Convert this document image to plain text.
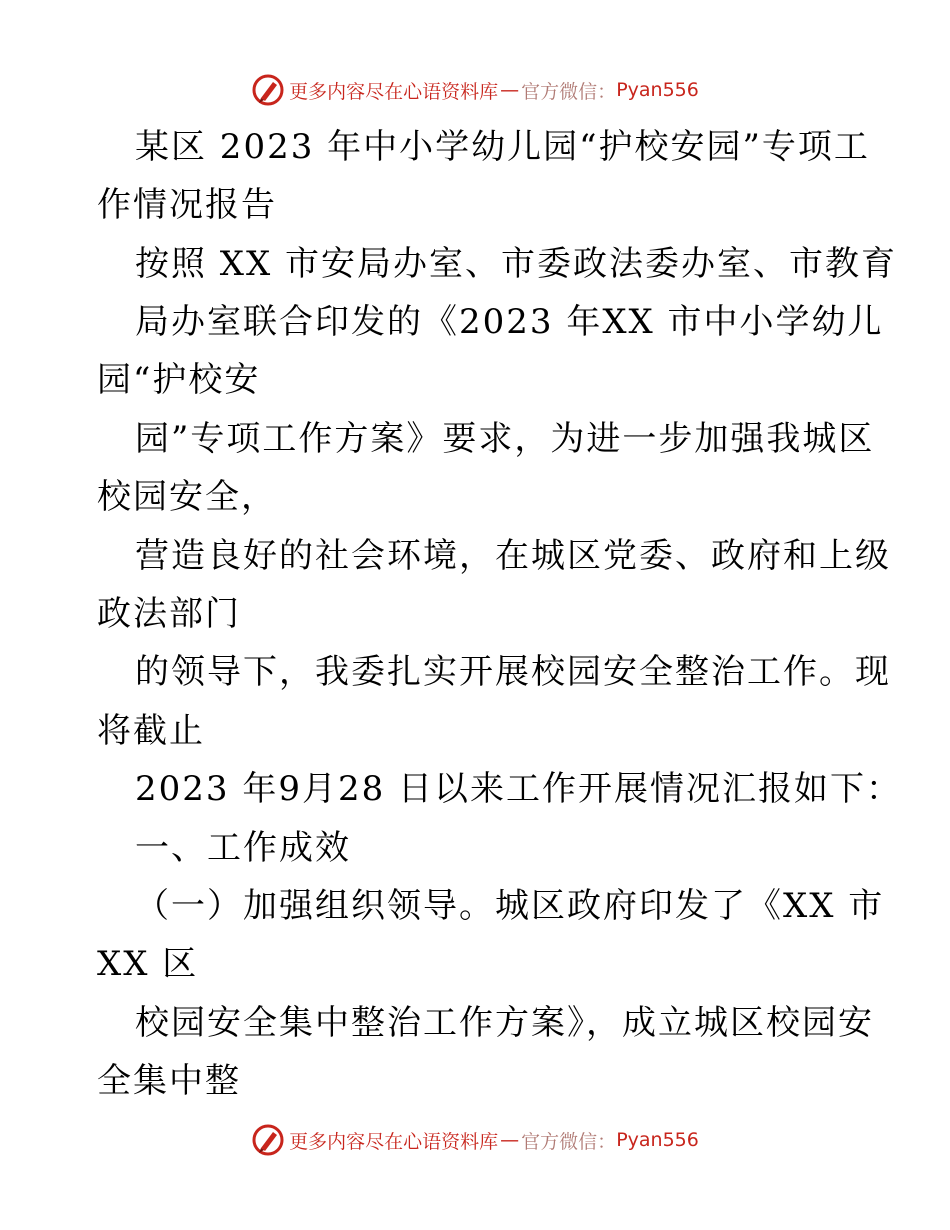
更多内容尽在心语资料库 — 官方微信： Pyan556
某区 2023 年中小学幼儿园“护校安园”专项工
作情况报告
按照 XX 市安局办室、市委政法委办室、市教育
局办室联合印发的《2023 年XX 市中小学幼儿
园“护校安
园”专项工作方案》要求，为进一步加强我城区
校园安全，
营造良好的社会环境，在城区党委、政府和上级
政法部门
的领导下，我委扎实开展校园安全整治工作。现
将截止
2023 年9月28 日以来工作开展情况汇报如下：
一、工作成效
（一）加强组织领导。城区政府印发了《XX 市
XX 区
校园安全集中整治工作方案》，成立城区校园安
全集中整
更多内容尽在心语资料库 — 官方微信： Pyan556
